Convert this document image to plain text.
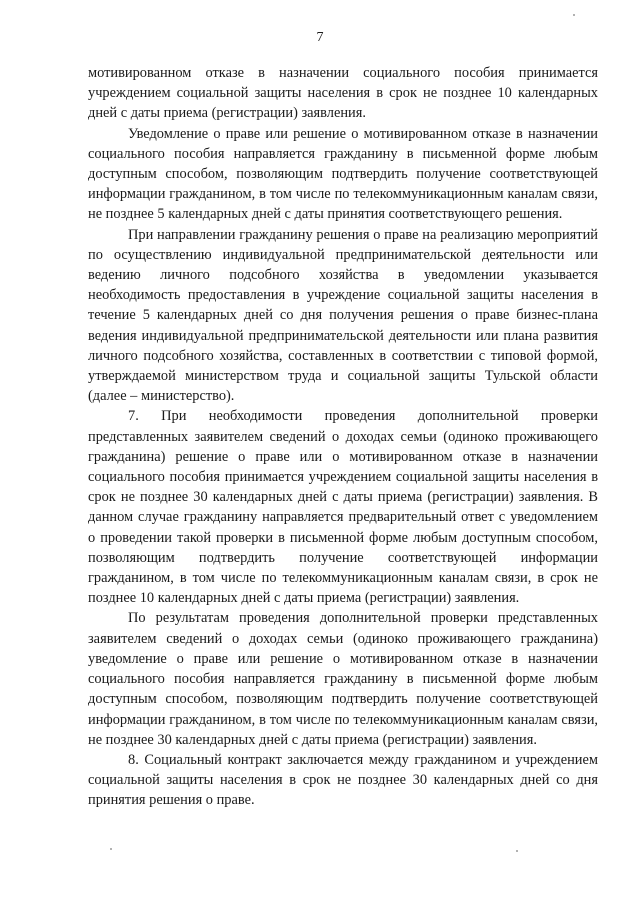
7

мотивированном отказе в назначении социального пособия принимается учреждением социальной защиты населения в срок не позднее 10 календарных дней с даты приема (регистрации) заявления.

Уведомление о праве или решение о мотивированном отказе в назначении социального пособия направляется гражданину в письменной форме любым доступным способом, позволяющим подтвердить получение соответствующей информации гражданином, в том числе по телекоммуникационным каналам связи, не позднее 5 календарных дней с даты принятия соответствующего решения.

При направлении гражданину решения о праве на реализацию мероприятий по осуществлению индивидуальной предпринимательской деятельности или ведению личного подсобного хозяйства в уведомлении указывается необходимость предоставления в учреждение социальной защиты населения в течение 5 календарных дней со дня получения решения о праве бизнес-плана ведения индивидуальной предпринимательской деятельности или плана развития личного подсобного хозяйства, составленных в соответствии с типовой формой, утверждаемой министерством труда и социальной защиты Тульской области (далее – министерство).

7. При необходимости проведения дополнительной проверки представленных заявителем сведений о доходах семьи (одиноко проживающего гражданина) решение о праве или о мотивированном отказе в назначении социального пособия принимается учреждением социальной защиты населения в срок не позднее 30 календарных дней с даты приема (регистрации) заявления. В данном случае гражданину направляется предварительный ответ с уведомлением о проведении такой проверки в письменной форме любым доступным способом, позволяющим подтвердить получение соответствующей информации гражданином, в том числе по телекоммуникационным каналам связи, в срок не позднее 10 календарных дней с даты приема (регистрации) заявления.

По результатам проведения дополнительной проверки представленных заявителем сведений о доходах семьи (одиноко проживающего гражданина) уведомление о праве или решение о мотивированном отказе в назначении социального пособия направляется гражданину в письменной форме любым доступным способом, позволяющим подтвердить получение соответствующей информации гражданином, в том числе по телекоммуникационным каналам связи, не позднее 30 календарных дней с даты приема (регистрации) заявления.

8. Социальный контракт заключается между гражданином и учреждением социальной защиты населения в срок не позднее 30 календарных дней со дня принятия решения о праве.
